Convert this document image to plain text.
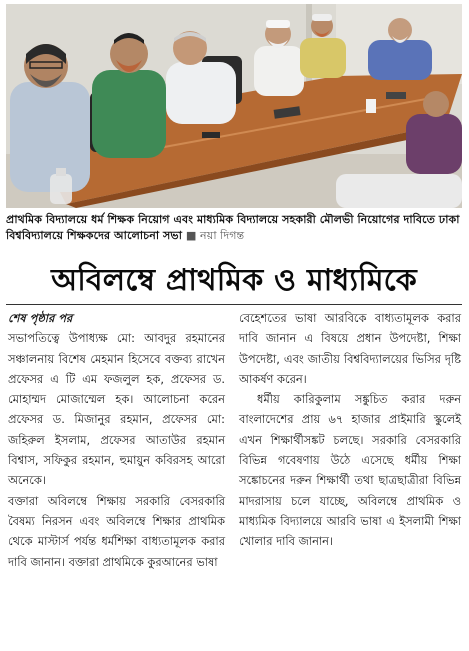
প্রাথমিক বিদ্যালয়ে ধর্ম শিক্ষক নিয়োগ এবং মাধ্যমিক বিদ্যালয়ে সহকারী মৌলভী নিয়োগের দাবিতে ঢাকা বিশ্ববিদ্যালয়ে শিক্ষকদের আলোচনা সভা ■ নয়া দিগন্ত
অবিলম্বে প্রাথমিক ও মাধ্যমিকে
শেষ পৃষ্ঠার পর

সভাপতিত্বে উপাধ্যক্ষ মো: আবদুর রহমানের সঞ্চালনায় বিশেষ মেহমান হিসেবে বক্তব্য রাখেন প্রফেসর এ টি এম ফজলুল হক, প্রফেসর ড. মোহাম্মদ মোজাম্মেল হক। আলোচনা করেন প্রফেসর ড. মিজানুর রহমান, প্রফেসর মো: জহিরুল ইসলাম, প্রফেসর আতাউর রহমান বিশ্বাস, সফিকুর রহমান, হুমায়ুন কবিরসহ আরো অনেকে।

বক্তারা অবিলম্বে শিক্ষায় সরকারি বেসরকারি বৈষম্য নিরসন এবং অবিলম্বে শিক্ষার প্রাথমিক থেকে মাস্টার্স পর্যন্ত ধর্মশিক্ষা বাধ্যতামূলক করার দাবি জানান। বক্তারা প্রাথমিকে কুরআনের ভাষা

বেহেশতের ভাষা আরবিকে বাধ্যতামূলক করার দাবি জানান এ বিষয়ে প্রধান উপদেষ্টা, শিক্ষা উপদেষ্টা, এবং জাতীয় বিশ্ববিদ্যালয়ের ভিসির দৃষ্টি আকর্ষণ করেন।

ধর্মীয় কারিকুলাম সঙ্কুচিত করার দরুন বাংলাদেশের প্রায় ৬৭ হাজার প্রাইমারি স্কুলেই এখন শিক্ষার্থীসঙ্কট চলছে। সরকারি বেসরকারি বিভিন্ন গবেষণায় উঠে এসেছে ধর্মীয় শিক্ষা সঙ্কোচনের দরুন শিক্ষার্থী তথা ছাত্রছাত্রীরা বিভিন্ন মাদরাসায় চলে যাচ্ছে, অবিলম্বে প্রাথমিক ও মাধ্যমিক বিদ্যালয়ে আরবি ভাষা এ ইসলামী শিক্ষা খোলার দাবি জানান।
